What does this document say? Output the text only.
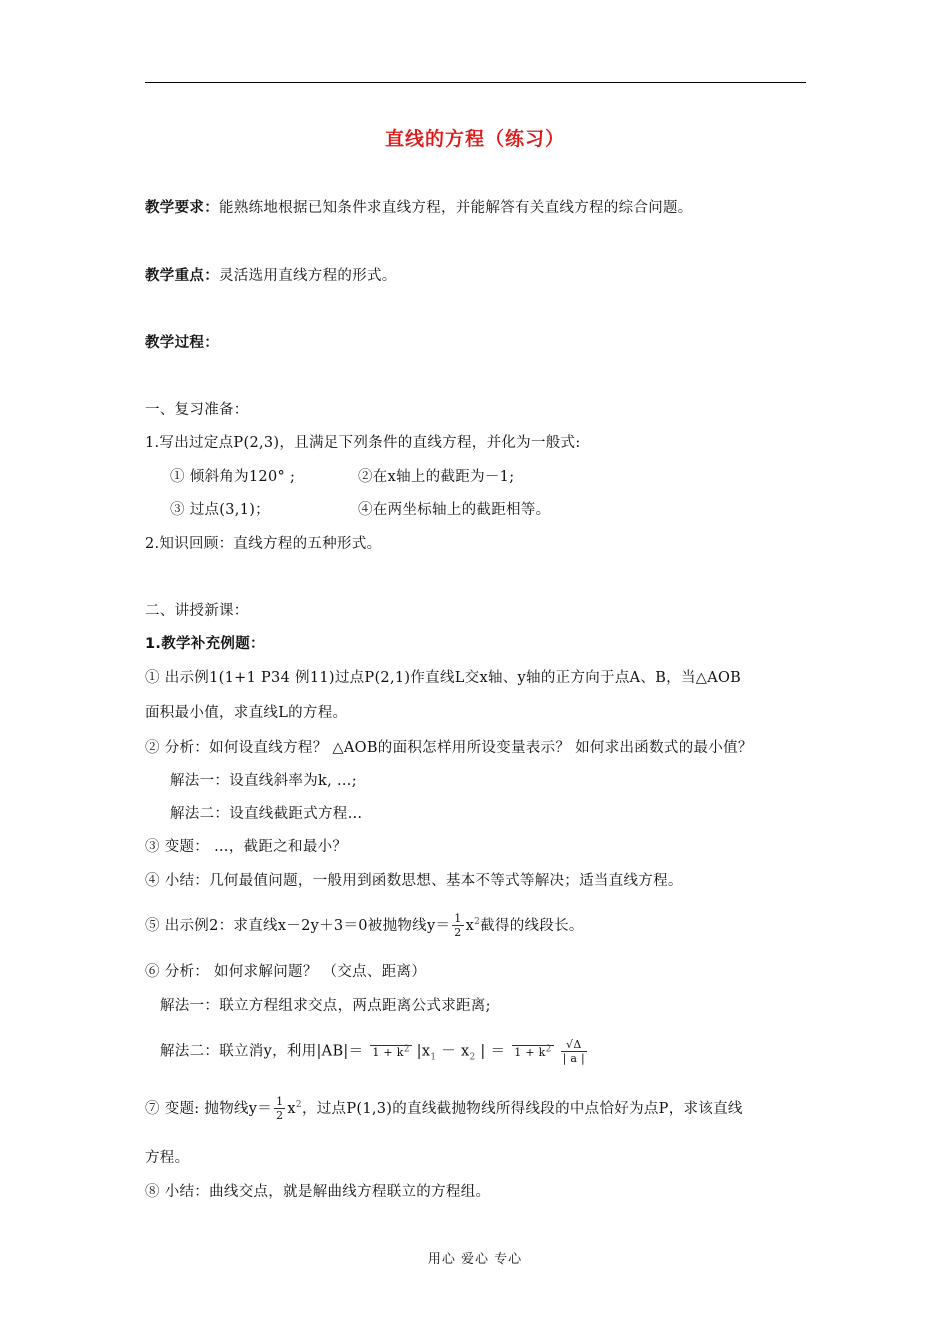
直线的方程（练习）
教学要求：能熟练地根据已知条件求直线方程，并能解答有关直线方程的综合问题。
教学重点：灵活选用直线方程的形式。
教学过程：
一、复习准备：
1.写出过定点P(2,3)，且满足下列条件的直线方程，并化为一般式:
① 倾斜角为120° ;	②在x轴上的截距为－1;
③ 过点(3,1)；	④在两坐标轴上的截距相等。
2.知识回顾：直线方程的五种形式。
二、讲授新课：
1.教学补充例题：
① 出示例1(1+1 P34 例11)过点P(2,1)作直线L交x轴、y轴的正方向于点A、B，当△AOB
面积最小值，求直线L的方程。
② 分析：如何设直线方程？ △AOB的面积怎样用所设变量表示？ 如何求出函数式的最小值？
解法一：设直线斜率为k, …;
解法二：设直线截距式方程…
③ 变题： …，截距之和最小？
④ 小结：几何最值问题，一般用到函数思想、基本不等式等解决；适当直线方程。
⑤ 出示例2：求直线x－2y＋3＝0被抛物线$y= \frac{1}{2} x^2$截得的线段长。
⑥ 分析： 如何求解问题？ （交点、距离）
解法一：联立方程组求交点，两点距离公式求距离;
解法二：联立消y，利用$|AB|= 1 + k^2$ $|x_1 - x_2$ | ＝ $1 + k^2 \frac{√\Delta}{| a |}$
⑦ 变题: 抛物线$y= \frac{1}{2} x^2$，过点P(1,3)的直线截抛物线所得线段的中点恰好为点P，求该直线
方程。
⑧ 小结：曲线交点，就是解曲线方程联立的方程组。
用心 爱心 专心
